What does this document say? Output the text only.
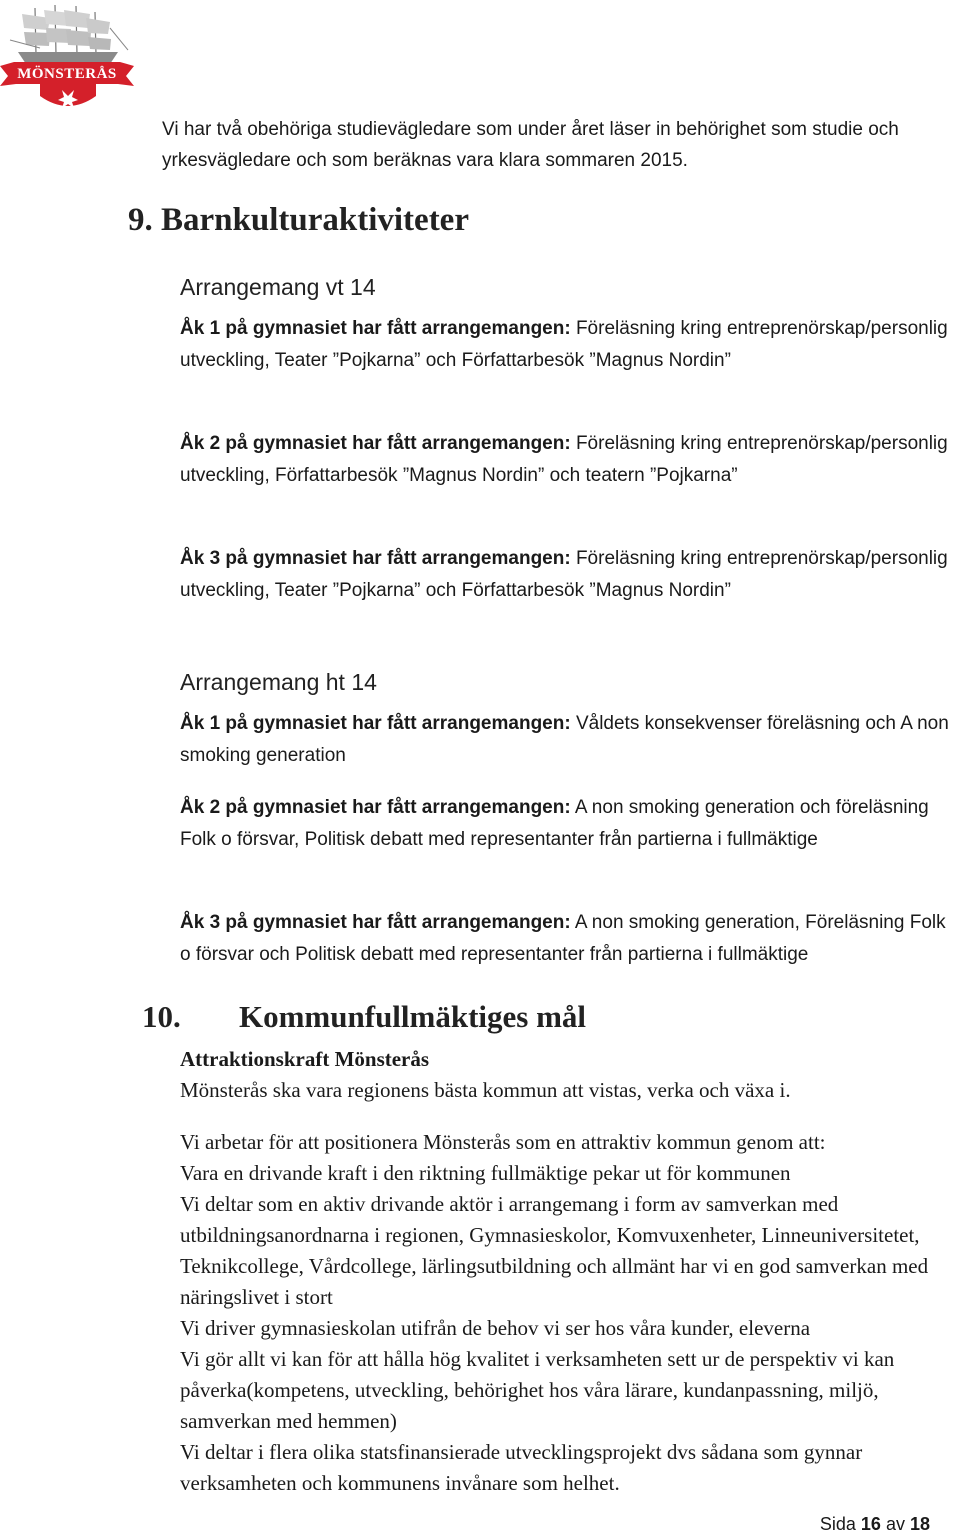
MÖNSTERÅS
Vi har två obehöriga studievägledare som under året läser in behörighet som studie och yrkesvägledare och som beräknas vara klara sommaren 2015.
9. Barnkulturaktiviteter
Arrangemang vt 14
Åk 1 på gymnasiet har fått arrangemangen: Föreläsning kring entreprenörskap/personlig utveckling, Teater ”Pojkarna” och Författarbesök ”Magnus Nordin”
Åk 2 på gymnasiet har fått arrangemangen: Föreläsning kring entreprenörskap/personlig utveckling, Författarbesök ”Magnus Nordin” och teatern ”Pojkarna”
Åk 3 på gymnasiet har fått arrangemangen: Föreläsning kring entreprenörskap/personlig utveckling, Teater ”Pojkarna” och Författarbesök ”Magnus Nordin”
Arrangemang ht 14
Åk 1 på gymnasiet har fått arrangemangen: Våldets konsekvenser föreläsning och A non smoking generation
Åk 2 på gymnasiet har fått arrangemangen: A non smoking generation och föreläsning Folk o försvar, Politisk debatt med representanter från partierna i fullmäktige
Åk 3 på gymnasiet har fått arrangemangen: A non smoking generation, Föreläsning Folk o försvar och Politisk debatt med representanter från partierna i fullmäktige
10. Kommunfullmäktiges mål
Attraktionskraft Mönsterås
Mönsterås ska vara regionens bästa kommun att vistas, verka och växa i.
Vi arbetar för att positionera Mönsterås som en attraktiv kommun genom att:
Vara en drivande kraft i den riktning fullmäktige pekar ut för kommunen
Vi deltar som en aktiv drivande aktör i arrangemang i form av samverkan med utbildningsanordnarna i regionen, Gymnasieskolor, Komvuxenheter, Linneuniversitetet, Teknikcollege, Vårdcollege, lärlingsutbildning och allmänt har vi en god samverkan med näringslivet i stort
Vi driver gymnasieskolan utifrån de behov vi ser hos våra kunder, eleverna
Vi gör allt vi kan för att hålla hög kvalitet i verksamheten sett ur de perspektiv vi kan påverka(kompetens, utveckling, behörighet hos våra lärare, kundanpassning, miljö, samverkan med hemmen)
Vi deltar i flera olika statsfinansierade utvecklingsprojekt dvs sådana som gynnar verksamheten och kommunens invånare som helhet.
Sida 16 av 18
